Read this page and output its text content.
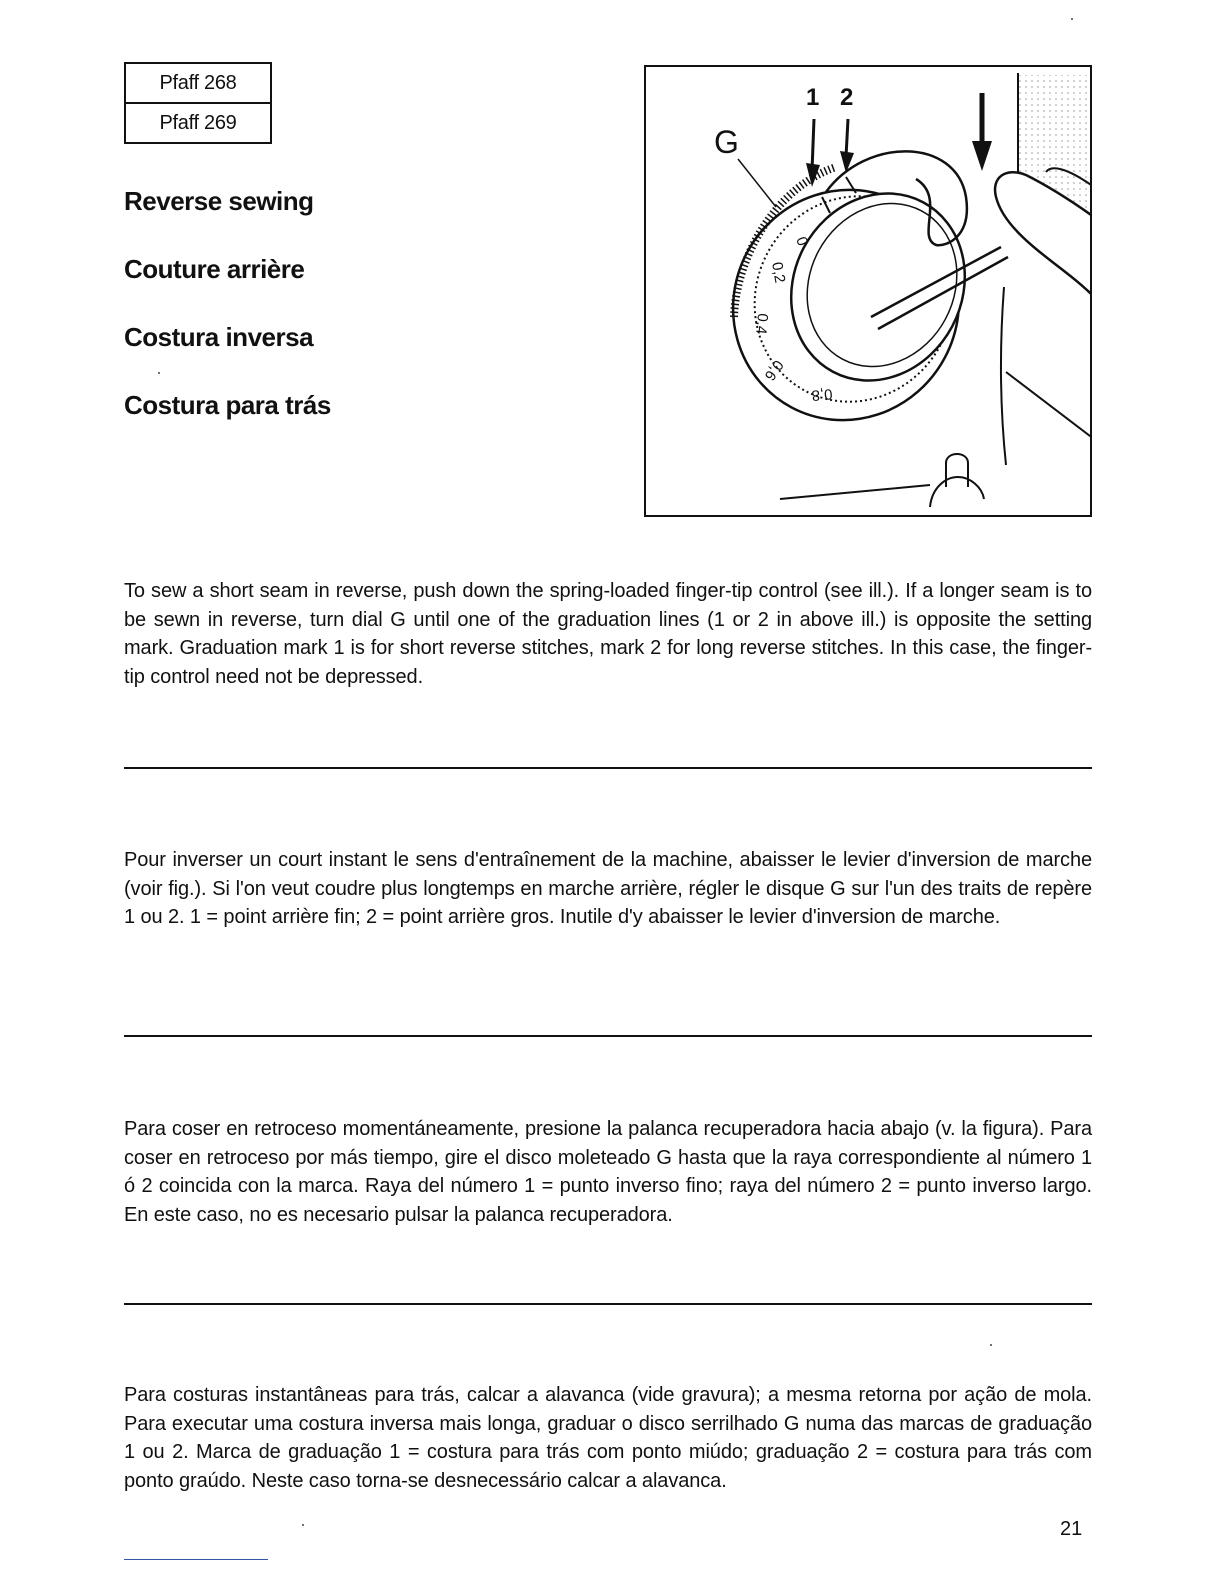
Pfaff 268
Pfaff 269
Reverse sewing
Couture arrière
Costura inversa
Costura para trás
G
1 2
0
0,2
0,4
0,6
0,8

To sew a short seam in reverse, push down the spring-loaded finger-tip control (see ill.). If a longer seam is to be sewn in reverse, turn dial G until one of the graduation lines (1 or 2 in above ill.) is opposite the setting mark. Graduation mark 1 is for short reverse stitches, mark 2 for long reverse stitches. In this case, the finger-tip control need not be depressed.

Pour inverser un court instant le sens d'entraînement de la machine, abaisser le levier d'inversion de marche (voir fig.). Si l'on veut coudre plus longtemps en marche arrière, régler le disque G sur l'un des traits de repère 1 ou 2. 1 = point arrière fin; 2 = point arrière gros. Inutile d'y abaisser le levier d'inversion de marche.

Para coser en retroceso momentáneamente, presione la palanca recuperadora hacia abajo (v. la figura). Para coser en retroceso por más tiempo, gire el disco moleteado G hasta que la raya correspondiente al número 1 ó 2 coincida con la marca. Raya del número 1 = punto inverso fino; raya del número 2 = punto inverso largo. En este caso, no es necesario pulsar la palanca recuperadora.

Para costuras instantâneas para trás, calcar a alavanca (vide gravura); a mesma retorna por ação de mola. Para executar uma costura inversa mais longa, graduar o disco serrilhado G numa das marcas de graduação 1 ou 2. Marca de graduação 1 = costura para trás com ponto miúdo; graduação 2 = costura para trás com ponto graúdo. Neste caso torna-se desnecessário calcar a alavanca.

21
